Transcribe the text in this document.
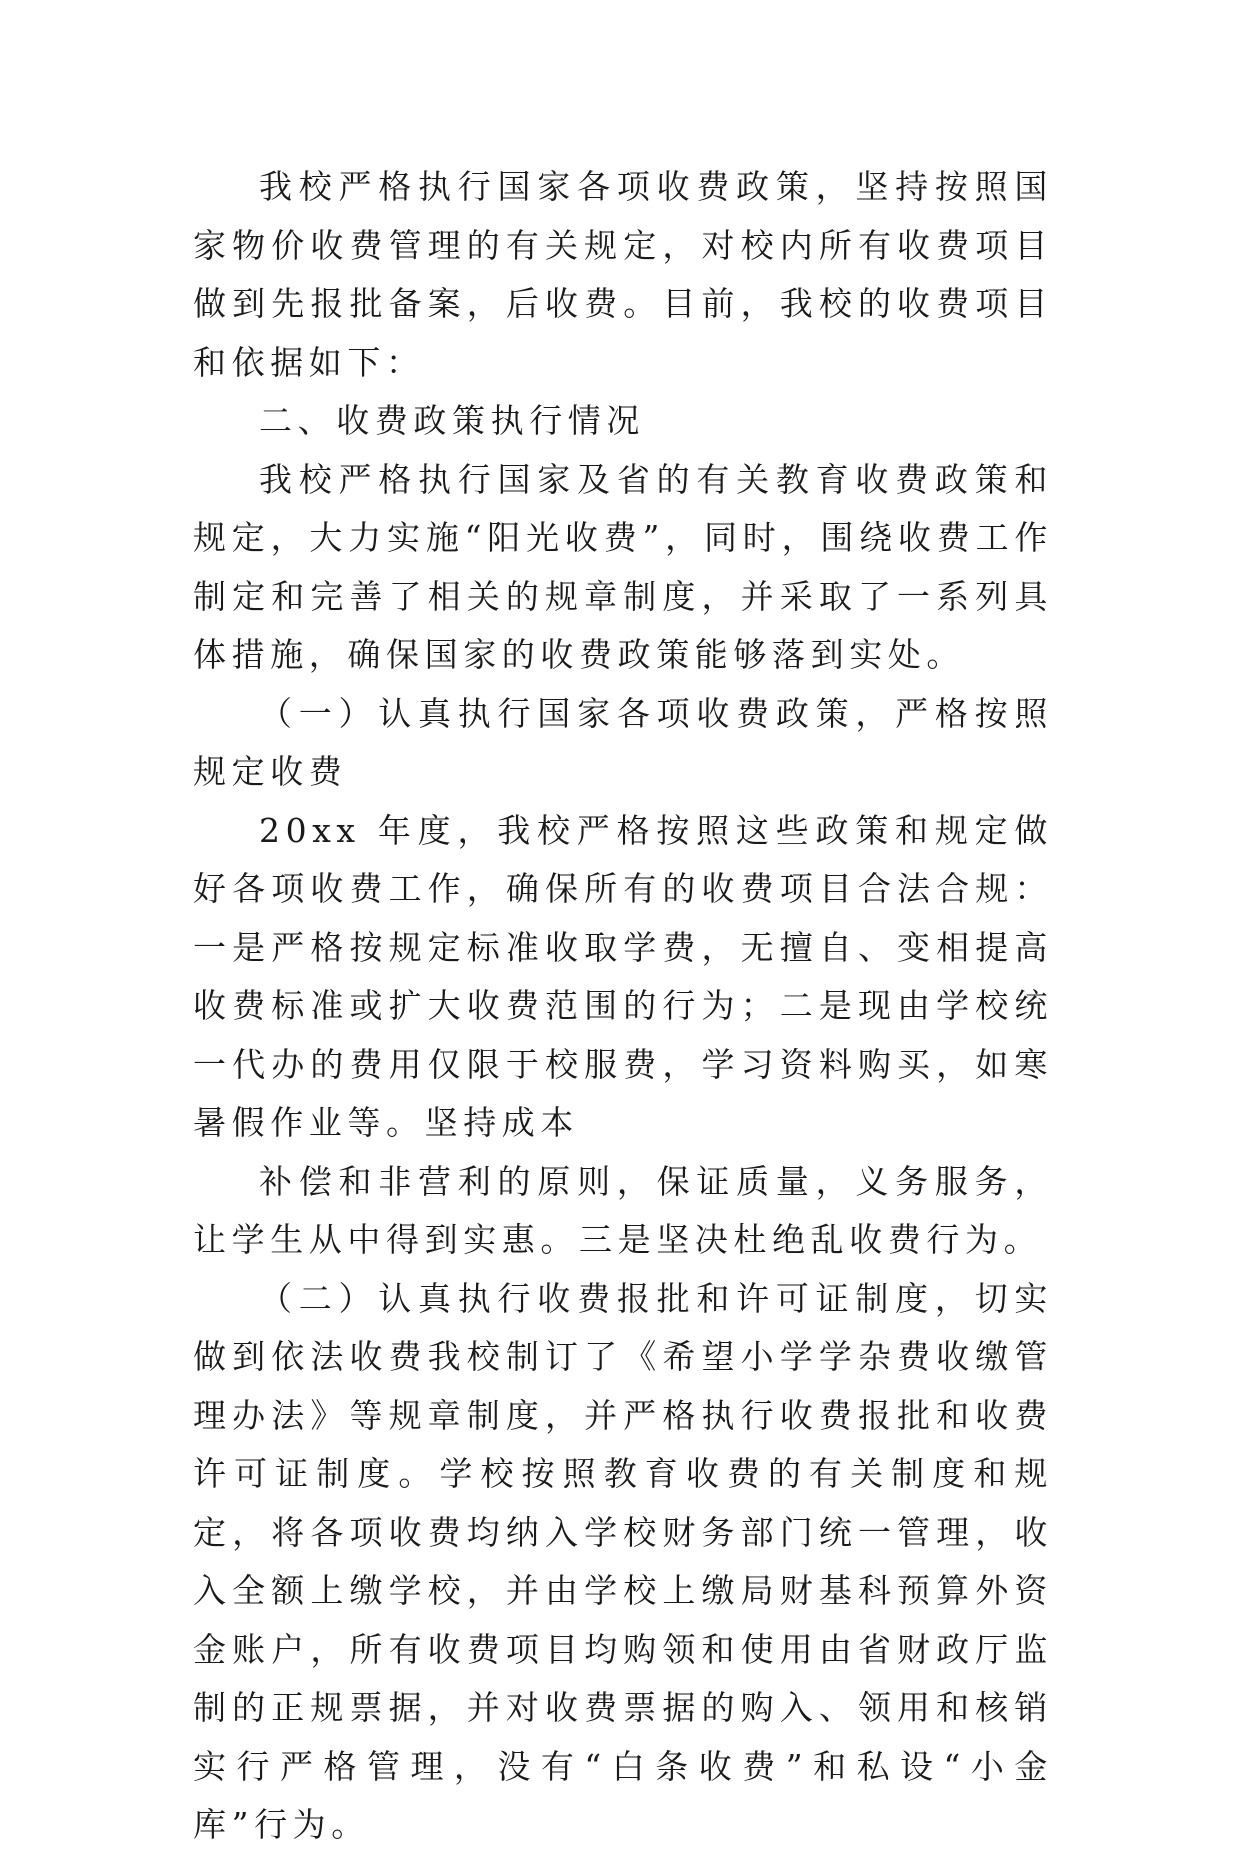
我校严格执行国家各项收费政策，坚持按照国家物价收费管理的有关规定，对校内所有收费项目做到先报批备案，后收费。目前，我校的收费项目和依据如下：

二、收费政策执行情况

我校严格执行国家及省的有关教育收费政策和规定，大力实施“阳光收费”，同时，围绕收费工作制定和完善了相关的规章制度，并采取了一系列具体措施，确保国家的收费政策能够落到实处。

（一）认真执行国家各项收费政策，严格按照规定收费

20xx 年度，我校严格按照这些政策和规定做好各项收费工作，确保所有的收费项目合法合规：一是严格按规定标准收取学费，无擅自、变相提高收费标准或扩大收费范围的行为；二是现由学校统一代办的费用仅限于校服费，学习资料购买，如寒暑假作业等。坚持成本

补偿和非营利的原则，保证质量，义务服务，让学生从中得到实惠。三是坚决杜绝乱收费行为。

（二）认真执行收费报批和许可证制度，切实做到依法收费我校制订了《希望小学学杂费收缴管理办法》等规章制度，并严格执行收费报批和收费许可证制度。学校按照教育收费的有关制度和规定，将各项收费均纳入学校财务部门统一管理，收入全额上缴学校，并由学校上缴局财基科预算外资金账户，所有收费项目均购领和使用由省财政厅监制的正规票据，并对收费票据的购入、领用和核销实行严格管理，没有“白条收费”和私设“小金库”行为。
